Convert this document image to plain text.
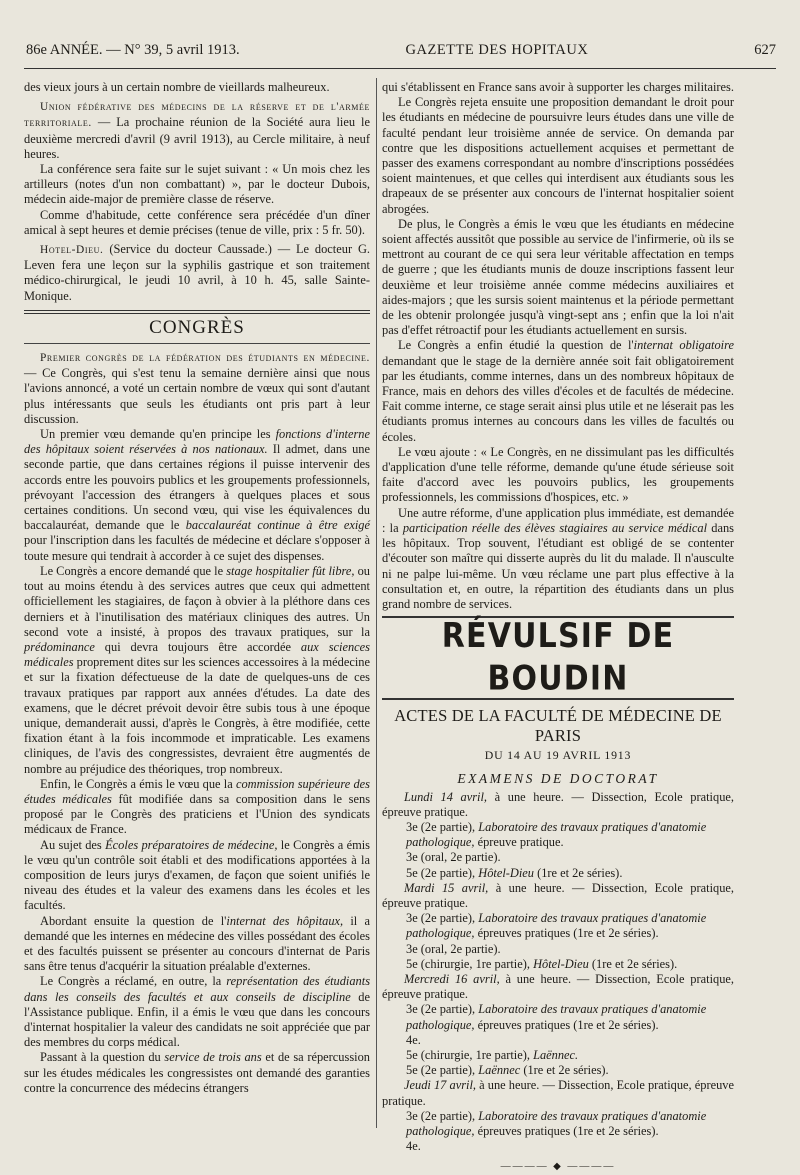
86e ANNÉE. — N° 39, 5 avril 1913.	GAZETTE DES HOPITAUX	627

des vieux jours à un certain nombre de vieillards malheureux.

Union fédérative des médecins de la réserve et de l'armée territoriale. — La prochaine réunion de la Société aura lieu le deuxième mercredi d'avril (9 avril 1913), au Cercle militaire, à neuf heures.

La conférence sera faite sur le sujet suivant : « Un mois chez les artilleurs (notes d'un non combattant) », par le docteur Dubois, médecin aide-major de première classe de réserve.

Comme d'habitude, cette conférence sera précédée d'un dîner amical à sept heures et demie précises (tenue de ville, prix : 5 fr. 50).

Hotel-Dieu. (Service du docteur Caussade.) — Le docteur G. Leven fera une leçon sur la syphilis gastrique et son traitement médico-chirurgical, le jeudi 10 avril, à 10 h. 45, salle Sainte-Monique.

CONGRÈS

Premier congrès de la fédération des étudiants en médecine. — Ce Congrès, qui s'est tenu la semaine dernière ainsi que nous l'avions annoncé, a voté un certain nombre de vœux qui sont d'autant plus intéressants que seuls les étudiants ont pris part à leur discussion.

Un premier vœu demande qu'en principe les fonctions d'interne des hôpitaux soient réservées à nos nationaux. Il admet, dans une seconde partie, que dans certaines régions il puisse intervenir des accords entre les pouvoirs publics et les groupements professionnels, prévoyant l'accession des étrangers à quelques places et sous certaines conditions. Un second vœu, qui vise les équivalences du baccalauréat, demande que le baccalauréat continue à être exigé pour l'inscription dans les facultés de médecine et déclare s'opposer à toute mesure qui tendrait à accorder à ce sujet des dispenses.

Le Congrès a encore demandé que le stage hospitalier fût libre, ou tout au moins étendu à des services autres que ceux qui admettent officiellement les stagiaires, de façon à obvier à la pléthore dans ces derniers et à l'inutilisation des matériaux cliniques des autres. Un second vote a insisté, à propos des travaux pratiques, sur la prédominance qui devra toujours être accordée aux sciences médicales proprement dites sur les sciences accessoires à la médecine et sur la fixation défectueuse de la date de quelques-uns de ces travaux pratiques par rapport aux années d'études. La date des examens, que le décret prévoit devoir être subis tous à une époque unique, demanderait aussi, d'après le Congrès, à être modifiée, cette fixation étant à la fois incommode et impraticable. Les examens cliniques, de l'avis des congressistes, devraient être augmentés de nombre au préjudice des théoriques, trop nombreux.

Enfin, le Congrès a émis le vœu que la commission supérieure des études médicales fût modifiée dans sa composition dans le sens proposé par le Congrès des praticiens et l'Union des syndicats médicaux de France.

Au sujet des Écoles préparatoires de médecine, le Congrès a émis le vœu qu'un contrôle soit établi et des modifications apportées à la composition de leurs jurys d'examen, de façon que soient unifiés le niveau des études et la valeur des examens dans les écoles et les facultés.

Abordant ensuite la question de l'internat des hôpitaux, il a demandé que les internes en médecine des villes possédant des écoles et des facultés puissent se présenter au concours d'internat de Paris sans être tenus d'acquérir la situation préalable d'externes.

Le Congrès a réclamé, en outre, la représentation des étudiants dans les conseils des facultés et aux conseils de discipline de l'Assistance publique. Enfin, il a émis le vœu que dans les concours d'internat hospitalier la valeur des candidats ne soit appréciée que par des membres du corps médical.

Passant à la question du service de trois ans et de sa répercussion sur les études médicales les congressistes ont demandé des garanties contre la concurrence des médecins étrangers

qui s'établissent en France sans avoir à supporter les charges militaires.

Le Congrès rejeta ensuite une proposition demandant le droit pour les étudiants en médecine de poursuivre leurs études dans une ville de faculté pendant leur troisième année de service. On demanda par contre que les dispositions actuellement acquises et permettant de passer des examens correspondant au nombre d'inscriptions possédées soient maintenues, et que celles qui interdisent aux étudiants sous les drapeaux de se présenter aux concours de l'internat hospitalier soient abrogées.

De plus, le Congrès a émis le vœu que les étudiants en médecine soient affectés aussitôt que possible au service de l'infirmerie, où ils se mettront au courant de ce qui sera leur véritable affectation en temps de guerre ; que les étudiants munis de douze inscriptions fassent leur deuxième et leur troisième année comme médecins auxiliaires et aides-majors ; que les sursis soient maintenus et la période permettant de les obtenir prolongée jusqu'à vingt-sept ans ; enfin que la loi n'ait pas d'effet rétroactif pour les étudiants actuellement en sursis.

Le Congrès a enfin étudié la question de l'internat obligatoire demandant que le stage de la dernière année soit fait obligatoirement par les étudiants, comme internes, dans un des nombreux hôpitaux de France, mais en dehors des villes d'écoles et de facultés de médecine. Fait comme interne, ce stage serait ainsi plus utile et ne léserait pas les étudiants promus internes au concours dans les villes de facultés ou écoles.

Le vœu ajoute : « Le Congrès, en ne dissimulant pas les difficultés d'application d'une telle réforme, demande qu'une étude sérieuse soit faite d'accord avec les pouvoirs publics, les groupements professionnels, les commissions d'hospices, etc. »

Une autre réforme, d'une application plus immédiate, est demandée : la participation réelle des élèves stagiaires au service médical dans les hôpitaux. Trop souvent, l'étudiant est obligé de se contenter d'écouter son maître qui disserte auprès du lit du malade. Il n'ausculte ni ne palpe lui-même. Un vœu réclame une part plus effective à la consultation et, en outre, la répartition des étudiants dans un plus grand nombre de services.

RÉVULSIF DE BOUDIN
ACTES DE LA FACULTÉ DE MÉDECINE DE PARIS
DU 14 AU 19 AVRIL 1913
EXAMENS DE DOCTORAT

Lundi 14 avril, à une heure. — Dissection, Ecole pratique, épreuve pratique.

3e (2e partie), Laboratoire des travaux pratiques d'anatomie pathologique, épreuve pratique.

3e (oral, 2e partie).

5e (2e partie), Hôtel-Dieu (1re et 2e séries).

Mardi 15 avril, à une heure. — Dissection, Ecole pratique, épreuve pratique.

3e (2e partie), Laboratoire des travaux pratiques d'anatomie pathologique, épreuves pratiques (1re et 2e séries).

3e (oral, 2e partie).

5e (chirurgie, 1re partie), Hôtel-Dieu (1re et 2e séries).

Mercredi 16 avril, à une heure. — Dissection, Ecole pratique, épreuve pratique.

3e (2e partie), Laboratoire des travaux pratiques d'anatomie pathologique, épreuves pratiques (1re et 2e séries).

4e.

5e (chirurgie, 1re partie), Laënnec.

5e (2e partie), Laënnec (1re et 2e séries).

Jeudi 17 avril, à une heure. — Dissection, Ecole pratique, épreuve pratique.

3e (2e partie), Laboratoire des travaux pratiques d'anatomie pathologique, épreuves pratiques (1re et 2e séries).

4e.

———— ◆ ————
